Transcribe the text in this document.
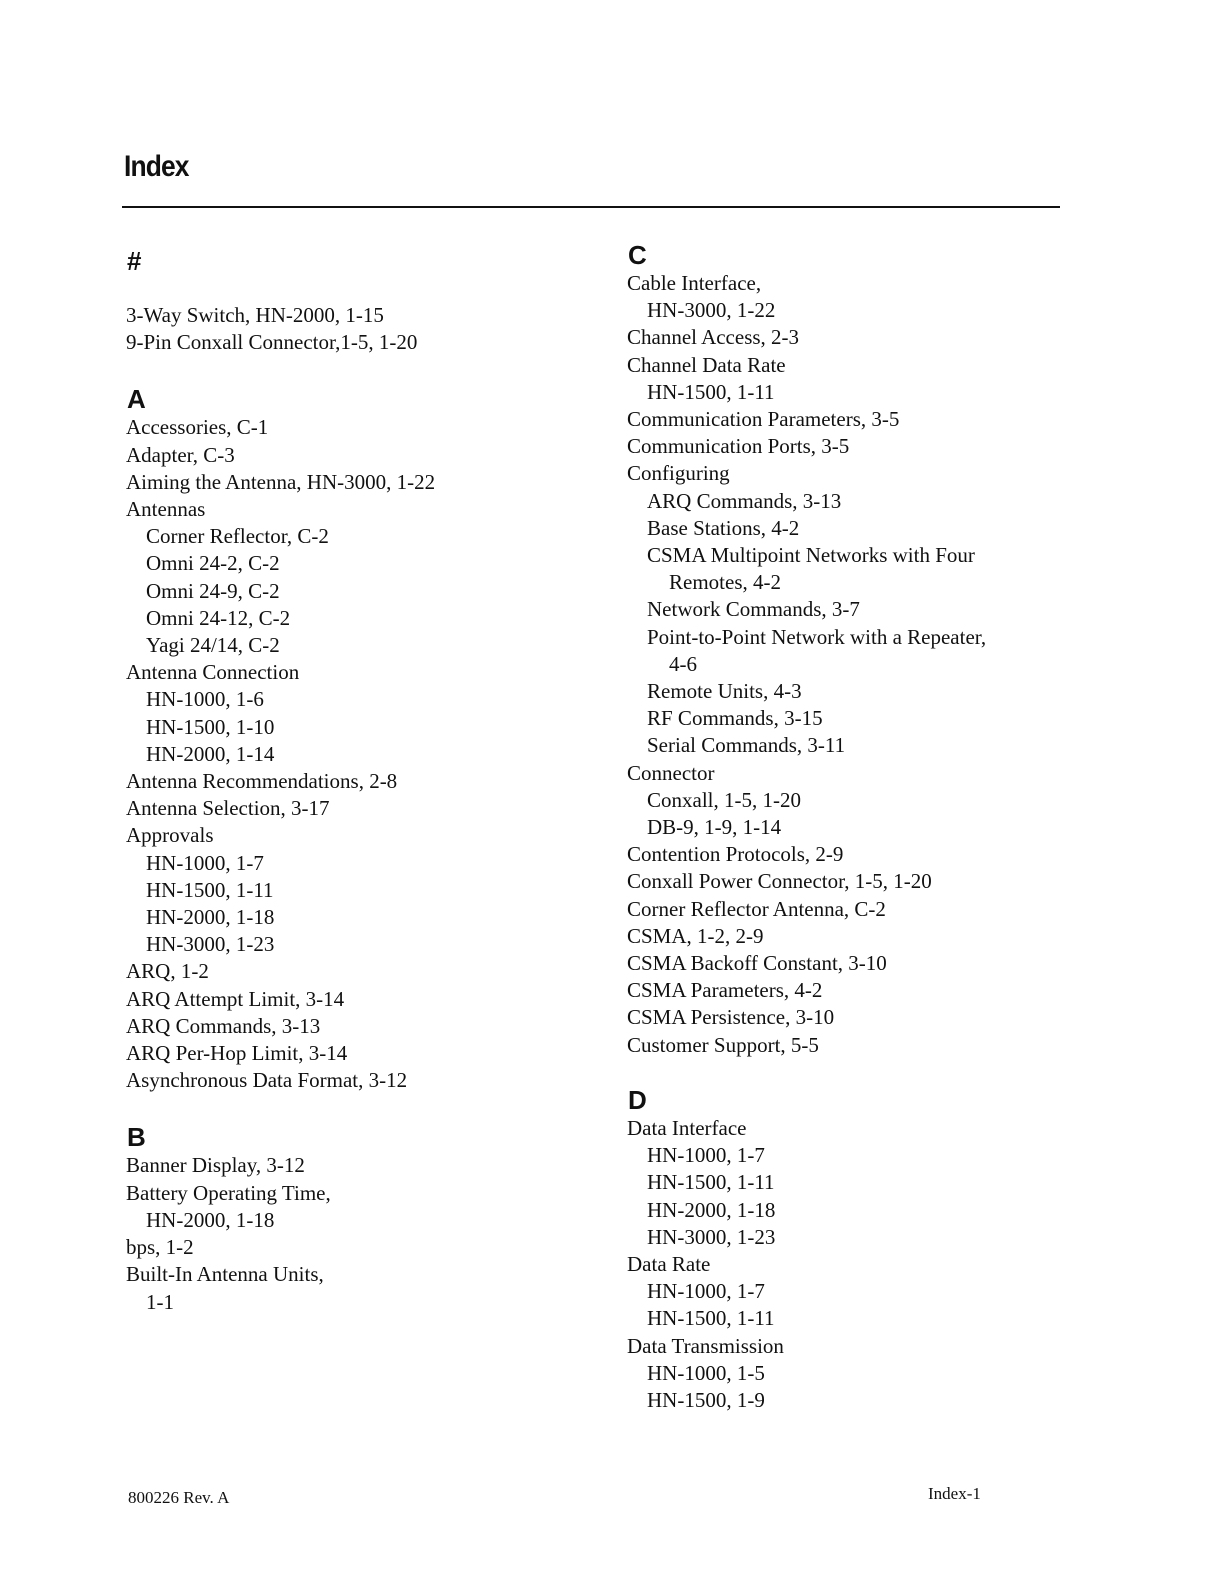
Index
#
3-Way Switch, HN-2000, 1-15
9-Pin Conxall Connector,1-5, 1-20
A
Accessories, C-1
Adapter, C-3
Aiming the Antenna, HN-3000, 1-22
Antennas
Corner Reflector, C-2
Omni 24-2, C-2
Omni 24-9, C-2
Omni 24-12, C-2
Yagi 24/14, C-2
Antenna Connection
HN-1000, 1-6
HN-1500, 1-10
HN-2000, 1-14
Antenna Recommendations, 2-8
Antenna Selection, 3-17
Approvals
HN-1000, 1-7
HN-1500, 1-11
HN-2000, 1-18
HN-3000, 1-23
ARQ, 1-2
ARQ Attempt Limit, 3-14
ARQ Commands, 3-13
ARQ Per-Hop Limit, 3-14
Asynchronous Data Format, 3-12
B
Banner Display, 3-12
Battery Operating Time,
HN-2000, 1-18
bps, 1-2
Built-In Antenna Units,
1-1
C
Cable Interface,
HN-3000, 1-22
Channel Access, 2-3
Channel Data Rate
HN-1500, 1-11
Communication Parameters, 3-5
Communication Ports, 3-5
Configuring
ARQ Commands, 3-13
Base Stations, 4-2
CSMA Multipoint Networks with Four
Remotes, 4-2
Network Commands, 3-7
Point-to-Point Network with a Repeater,
4-6
Remote Units, 4-3
RF Commands, 3-15
Serial Commands, 3-11
Connector
Conxall, 1-5, 1-20
DB-9, 1-9, 1-14
Contention Protocols, 2-9
Conxall Power Connector, 1-5, 1-20
Corner Reflector Antenna, C-2
CSMA, 1-2, 2-9
CSMA Backoff Constant, 3-10
CSMA Parameters, 4-2
CSMA Persistence, 3-10
Customer Support, 5-5
D
Data Interface
HN-1000, 1-7
HN-1500, 1-11
HN-2000, 1-18
HN-3000, 1-23
Data Rate
HN-1000, 1-7
HN-1500, 1-11
Data Transmission
HN-1000, 1-5
HN-1500, 1-9
800226 Rev. A	Index-1
